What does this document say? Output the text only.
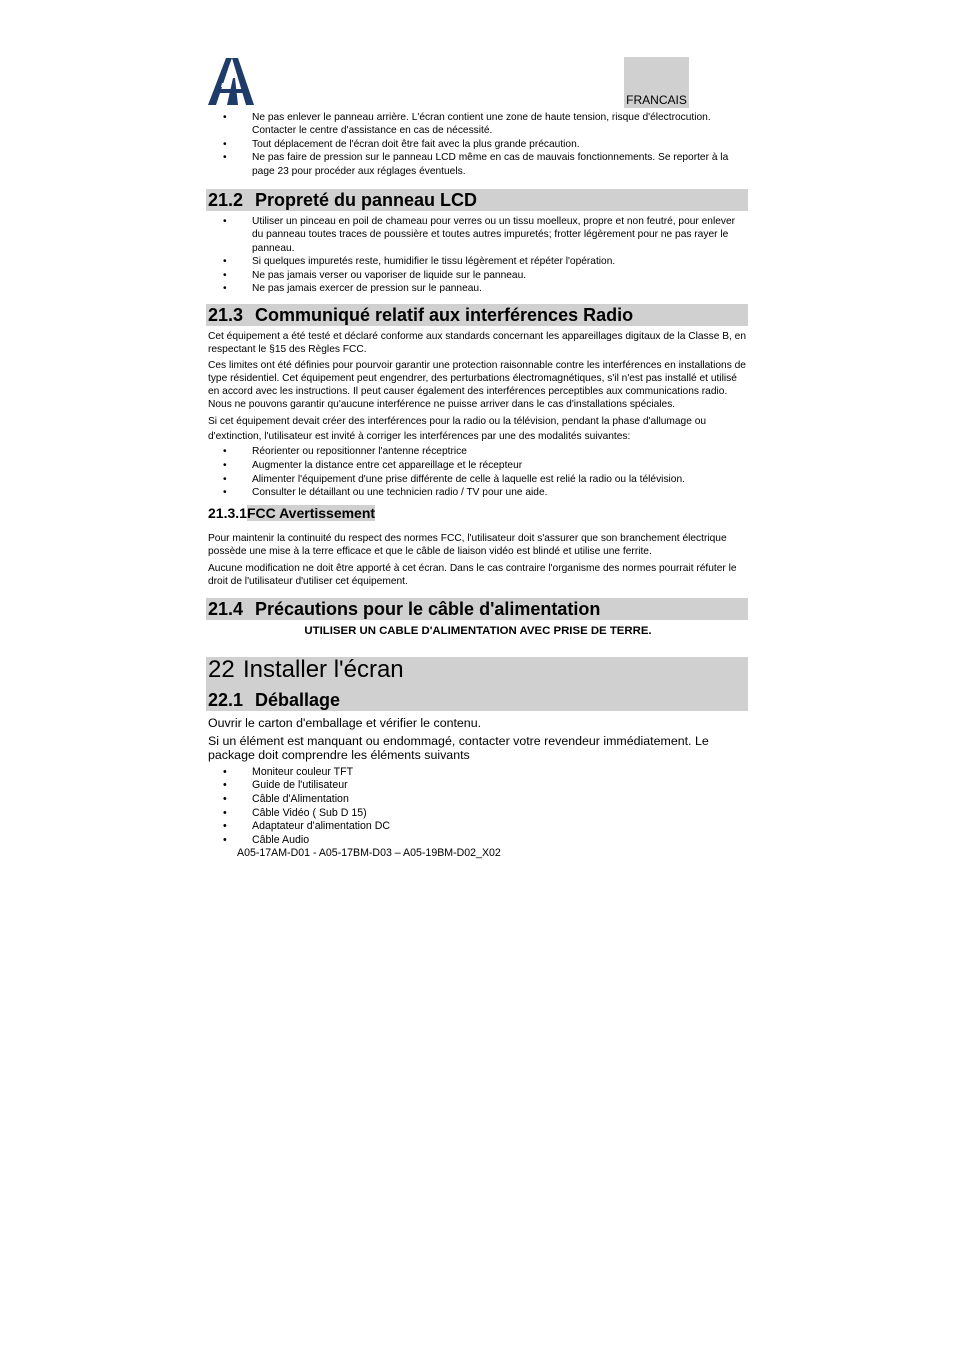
FRANCAIS
• Ne pas enlever le panneau arrière. L'écran contient une zone de haute tension, risque d'électrocution. Contacter le centre d'assistance en cas de nécessité.
• Tout déplacement de l'écran doit être fait avec la plus grande précaution.
• Ne pas faire de pression sur le panneau LCD même en cas de mauvais fonctionnements. Se reporter à la page 23 pour procéder aux réglages éventuels.
21.2 Propreté du panneau LCD
• Utiliser un pinceau en poil de chameau pour verres ou un tissu moelleux, propre et non feutré, pour enlever du panneau toutes traces de poussière et toutes autres impuretés; frotter légèrement pour ne pas rayer le panneau.
• Si quelques impuretés reste, humidifier le tissu légèrement et répéter l'opération.
• Ne pas jamais verser ou vaporiser de liquide sur le panneau.
• Ne pas jamais exercer de pression sur le panneau.
21.3 Communiqué relatif aux interférences Radio

Cet équipement a été testé et déclaré conforme aux standards concernant les appareillages digitaux de la Classe B, en respectant le §15 des Règles FCC.

Ces limites ont été définies pour pourvoir garantir une protection raisonnable contre les interférences en installations de type résidentiel. Cet équipement peut engendrer, des perturbations électromagnétiques, s'il n'est pas installé et utilisé en accord avec les instructions. Il peut causer également des interférences perceptibles aux communications radio. Nous ne pouvons garantir qu'aucune interférence ne puisse arriver dans le cas d'installations spéciales.

Si cet équipement devait créer des interférences pour la radio ou la télévision, pendant la phase d'allumage ou d'extinction, l'utilisateur est invité à corriger les interférences par une des modalités suivantes:

• Réorienter ou repositionner l'antenne réceptrice
• Augmenter la distance entre cet appareillage et le récepteur
• Alimenter l'équipement d'une prise différente de celle à laquelle est relié la radio ou la télévision.
• Consulter le détaillant ou une technicien radio / TV pour une aide.
21.3.1FCC Avertissement

Pour maintenir la continuité du respect des normes FCC, l'utilisateur doit s'assurer que son branchement électrique possède une mise à la terre efficace et que le câble de liaison vidéo est blindé et utilise une ferrite.

Aucune modification ne doit être apporté à cet écran. Dans le cas contraire l'organisme des normes pourrait réfuter le droit de l'utilisateur d'utiliser cet équipement.

21.4 Précautions pour le câble d'alimentation
UTILISER UN CABLE D'ALIMENTATION AVEC PRISE DE TERRE.
22 Installer l'écran
22.1 Déballage

Ouvrir le carton d'emballage et vérifier le contenu.

Si un élément est manquant ou endommagé, contacter votre revendeur immédiatement. Le package doit comprendre les éléments suivants

• Moniteur couleur TFT
• Guide de l'utilisateur
• Câble d'Alimentation
• Câble Vidéo ( Sub D 15)
• Adaptateur d'alimentation DC
• Câble Audio
A05-17AM-D01 - A05-17BM-D03 – A05-19BM-D02_X02
